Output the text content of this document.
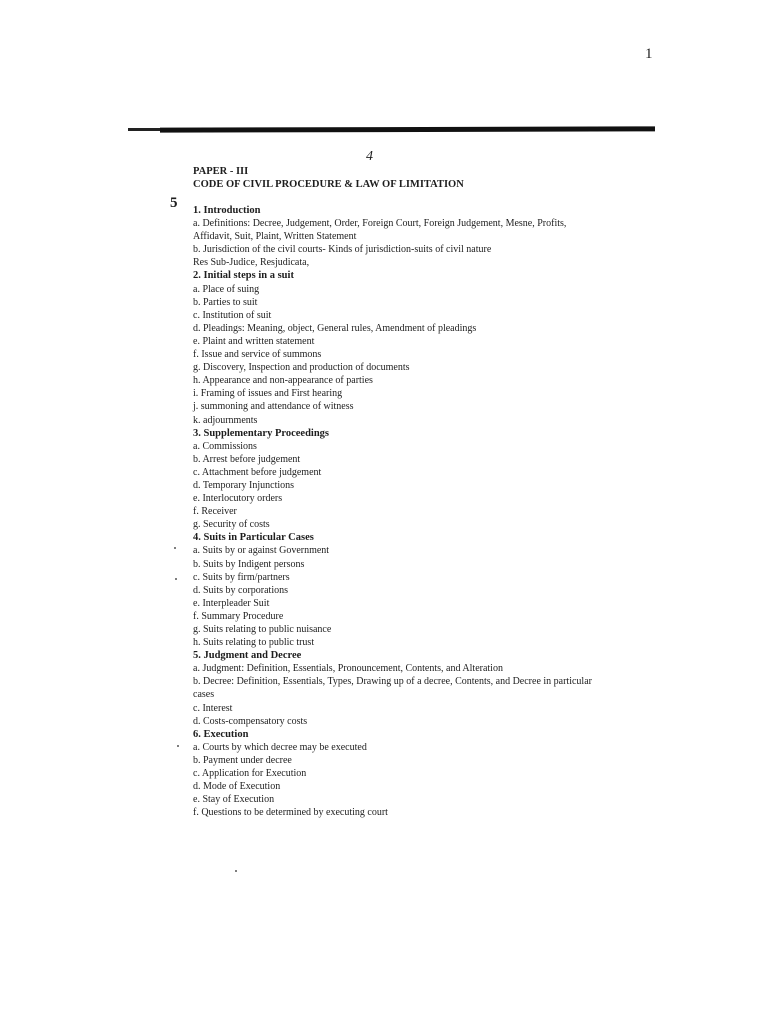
1
4
PAPER - III
CODE OF CIVIL PROCEDURE & LAW OF LIMITATION
5 1. Introduction
a. Definitions: Decree, Judgement, Order, Foreign Court, Foreign Judgement, Mesne, Profits, Affidavit, Suit, Plaint, Written Statement
b. Jurisdiction of the civil courts- Kinds of jurisdiction-suits of civil nature
Res Sub-Judice, Resjudicata,
2. Initial steps in a suit
a. Place of suing
b. Parties to suit
c. Institution of suit
d. Pleadings: Meaning, object, General rules, Amendment of pleadings
e. Plaint and written statement
f. Issue and service of summons
g. Discovery, Inspection and production of documents
h. Appearance and non-appearance of parties
i. Framing of issues and First hearing
j. summoning and attendance of witness
k. adjournments
3. Supplementary Proceedings
a. Commissions
b. Arrest before judgement
c. Attachment before judgement
d. Temporary Injunctions
e. Interlocutory orders
f. Receiver
g. Security of costs
4. Suits in Particular Cases
a. Suits by or against Government
b. Suits by Indigent persons
c. Suits by firm/partners
d. Suits by corporations
e. Interpleader Suit
f. Summary Procedure
g. Suits relating to public nuisance
h. Suits relating to public trust
5. Judgment and Decree
a. Judgment: Definition, Essentials, Pronouncement, Contents, and Alteration
b. Decree: Definition, Essentials, Types, Drawing up of a decree, Contents, and Decree in particular cases
c. Interest
d. Costs-compensatory costs
6. Execution
a. Courts by which decree may be executed
b. Payment under decree
c. Application for Execution
d. Mode of Execution
e. Stay of Execution
f. Questions to be determined by executing court
